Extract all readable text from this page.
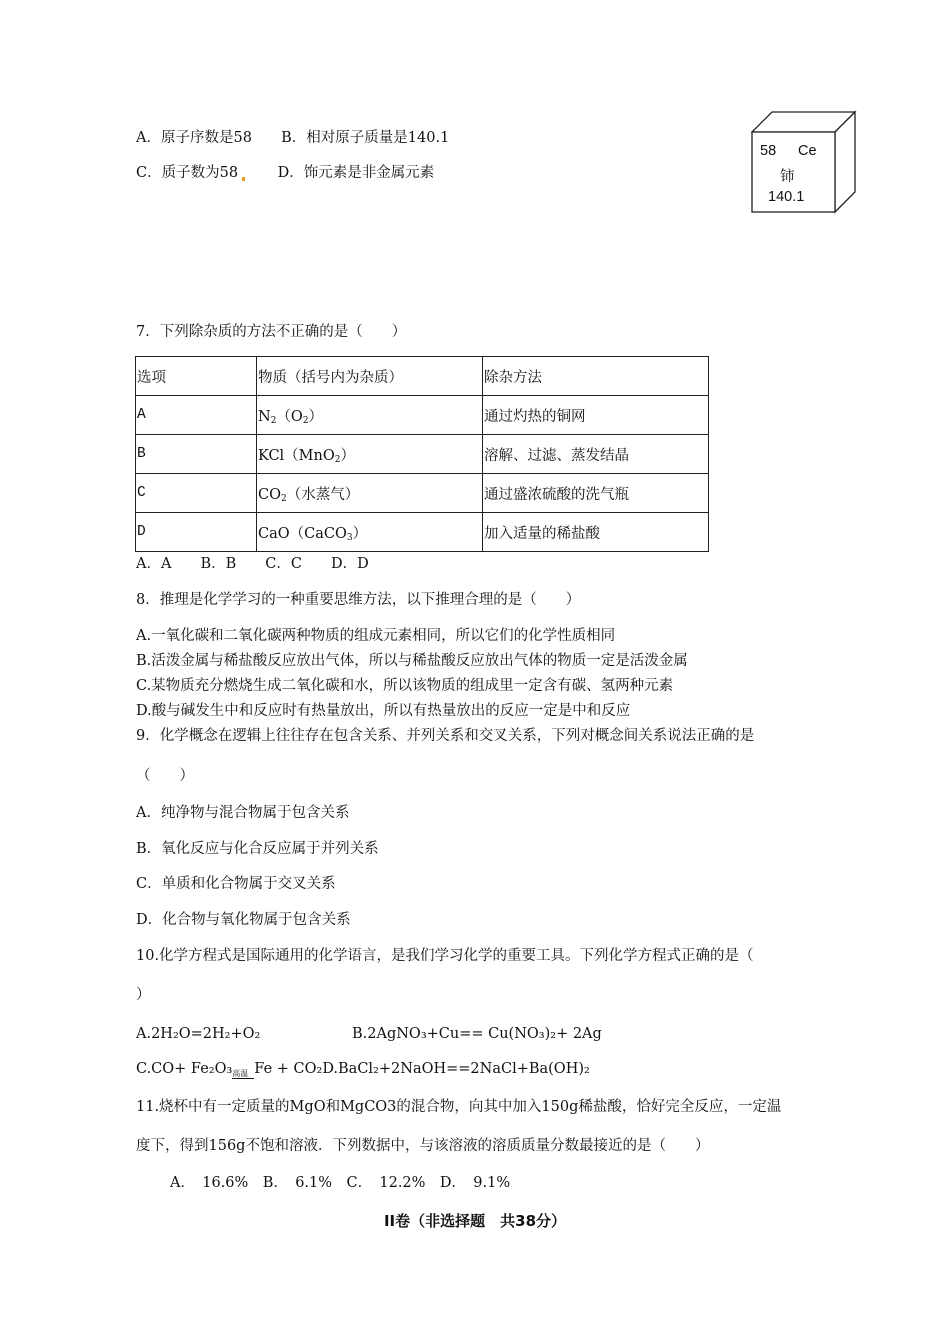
A．原子序数是58 B．相对原子质量是140.1
C．质子数为58	D．饰元素是非金属元素
58 Ce
铈
140.1
7．下列除杂质的方法不正确的是（　　）
选项	物质（括号内为杂质）	除杂方法
A	$N_2(O_2)$	通过灼热的铜网
B	KCl（MnO$_2$）	溶解、过滤、蒸发结晶
C	$CO_2$（水蒸气）	通过盛浓硫酸的洗气瓶
D	CaO（CaCO$_3$）	加入适量的稀盐酸
A．A　　B．B　　C．C　　D．D
8．推理是化学学习的一种重要思维方法，以下推理合理的是（　　）
A.一氧化碳和二氧化碳两种物质的组成元素相同，所以它们的化学性质相同
B.活泼金属与稀盐酸反应放出气体，所以与稀盐酸反应放出气体的物质一定是活泼金属
C.某物质充分燃烧生成二氧化碳和水，所以该物质的组成里一定含有碳、氢两种元素
D.酸与碱发生中和反应时有热量放出，所以有热量放出的反应一定是中和反应
9．化学概念在逻辑上往往存在包含关系、并列关系和交叉关系，下列对概念间关系说法正确的是
（　　）
A．纯净物与混合物属于包含关系
B．氧化反应与化合反应属于并列关系
C．单质和化合物属于交叉关系
D．化合物与氧化物属于包含关系
10.化学方程式是国际通用的化学语言，是我们学习化学的重要工具。下列化学方程式正确的是（
）
A.2H₂O=2H₂+O₂	B.2AgNO₃+Cu== Cu(NO₃)₂+ 2Ag
C.CO+ Fe₂O₃ 高温 Fe + CO₂D.BaCl₂+2NaOH==2NaCl+Ba(OH)₂
11.烧杯中有一定质量的MgO和MgCO3的混合物，向其中加入150g稀盐酸，恰好完全反应，一定温
度下，得到156g不饱和溶液．下列数据中，与该溶液的溶质质量分数最接近的是（　　）
A．　16.6%　B．　6.1%　C．　12.2%　D．　9.1%
II卷（非选择题　共38分）
